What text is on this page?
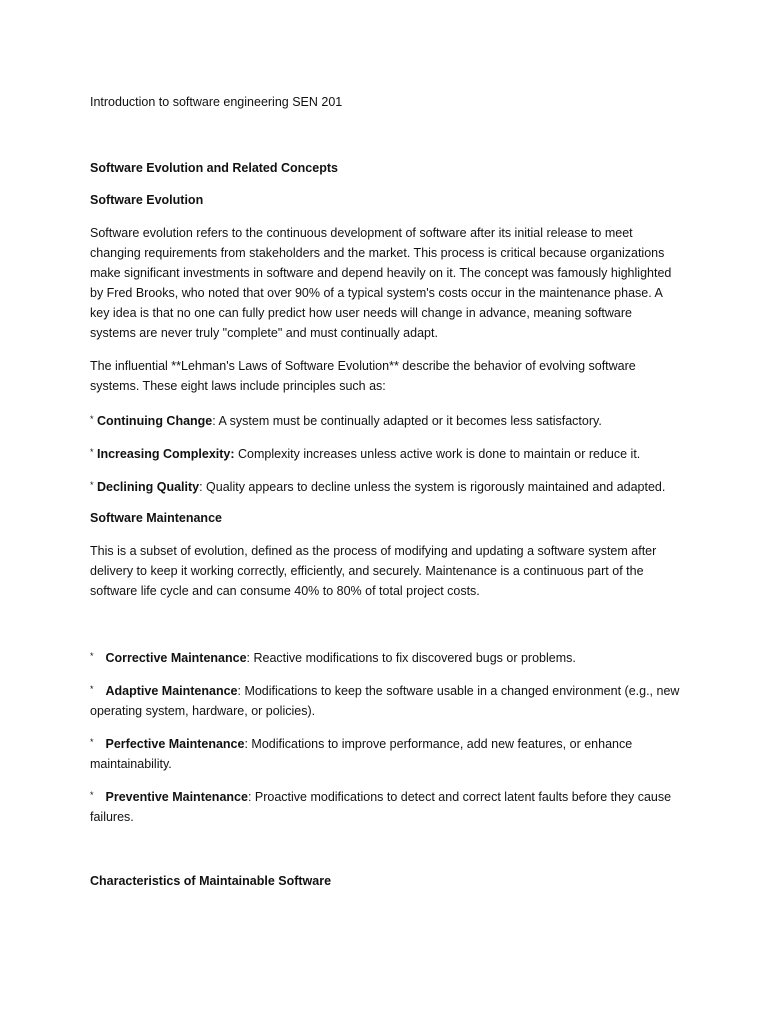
Introduction to software engineering SEN 201

Software Evolution and Related Concepts

Software Evolution

Software evolution refers to the continuous development of software after its initial release to meet changing requirements from stakeholders and the market. This process is critical because organizations make significant investments in software and depend heavily on it. The concept was famously highlighted by Fred Brooks, who noted that over 90% of a typical system's costs occur in the maintenance phase. A key idea is that no one can fully predict how user needs will change in advance, meaning software systems are never truly "complete" and must continually adapt.

The influential **Lehman's Laws of Software Evolution** describe the behavior of evolving software systems. These eight laws include principles such as:

* Continuing Change: A system must be continually adapted or it becomes less satisfactory.

* Increasing Complexity: Complexity increases unless active work is done to maintain or reduce it.

* Declining Quality: Quality appears to decline unless the system is rigorously maintained and adapted.

Software Maintenance

This is a subset of evolution, defined as the process of modifying and updating a software system after delivery to keep it working correctly, efficiently, and securely. Maintenance is a continuous part of the software life cycle and can consume 40% to 80% of total project costs.

* Corrective Maintenance: Reactive modifications to fix discovered bugs or problems.

* Adaptive Maintenance: Modifications to keep the software usable in a changed environment (e.g., new operating system, hardware, or policies).

* Perfective Maintenance: Modifications to improve performance, add new features, or enhance maintainability.

* Preventive Maintenance: Proactive modifications to detect and correct latent faults before they cause failures.

Characteristics of Maintainable Software
